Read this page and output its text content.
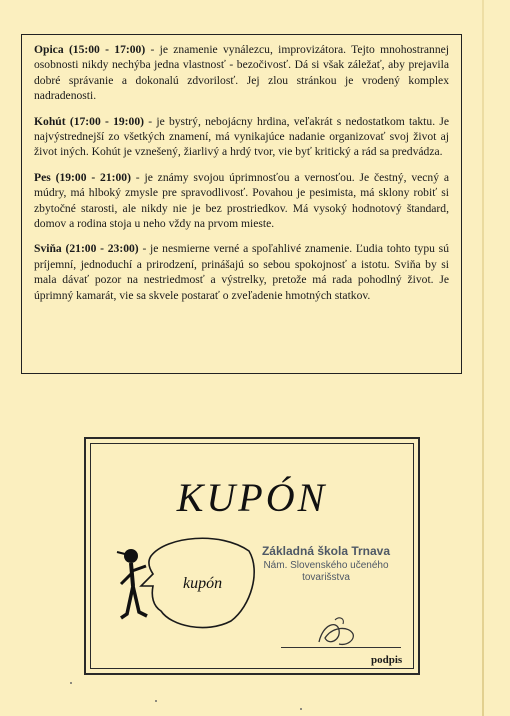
Opica (15:00 - 17:00) - je znamenie vynálezcu, improvizátora. Tejto mnohostrannej osobnosti nikdy nechýba jedna vlastnosť - bezočivosť. Dá si však záležať, aby prejavila dobré správanie a dokonalú zdvorilosť. Jej zlou stránkou je vrodený komplex nadradenosti.

Kohút (17:00 - 19:00) - je bystrý, nebojácny hrdina, veľakrát s nedostatkom taktu. Je najvýstrednejší zo všetkých znamení, má vynikajúce nadanie organizovať svoj život aj život iných. Kohút je vznešený, žiarlivý a hrdý tvor, vie byť kritický a rád sa predvádza.

Pes (19:00 - 21:00) - je známy svojou úprimnosťou a vernosťou. Je čestný, vecný a múdry, má hlboký zmysle pre spravodlivosť. Povahou je pesimista, má sklony robiť si zbytočné starosti, ale nikdy nie je bez prostriedkov. Má vysoký hodnotový štandard, domov a rodina stoja u neho vždy na prvom mieste.

Sviňa (21:00 - 23:00) - je nesmierne verné a spoľahlivé znamenie. Ľudia tohto typu sú príjemní, jednoduchí a prirodzení, prinášajú so sebou spokojnosť a istotu. Sviňa by si mala dávať pozor na nestriedmosť a výstrelky, pretože má rada pohodlný život. Je úprimný kamarát, vie sa skvele postarať o zveľadenie hmotných statkov.

KUPÓN
kupón
Základná škola Trnava
Nám. Slovenského učeného tovarišstva
podpis
